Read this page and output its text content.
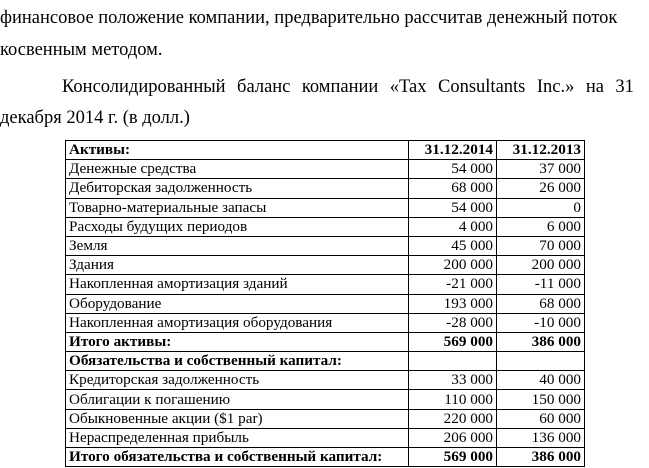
финансовое положение компании, предварительно рассчитав денежный поток

косвенным методом.

Консолидированный баланс компании «Tax Consultants Inc.» на 31

декабря 2014 г. (в долл.)

Активы:	31.12.2014	31.12.2013
Денежные средства	54 000	37 000
Дебиторская задолженность	68 000	26 000
Товарно-материальные запасы	54 000	0
Расходы будущих периодов	4 000	6 000
Земля	45 000	70 000
Здания	200 000	200 000
Накопленная амортизация зданий	-21 000	-11 000
Оборудование	193 000	68 000
Накопленная амортизация оборудования	-28 000	-10 000
Итого активы:	569 000	386 000
Обязательства и собственный капитал:		
Кредиторская задолженность	33 000	40 000
Облигации к погашению	110 000	150 000
Обыкновенные акции ($1 par)	220 000	60 000
Нераспределенная прибыль	206 000	136 000
Итого обязательства и собственный капитал:	569 000	386 000
